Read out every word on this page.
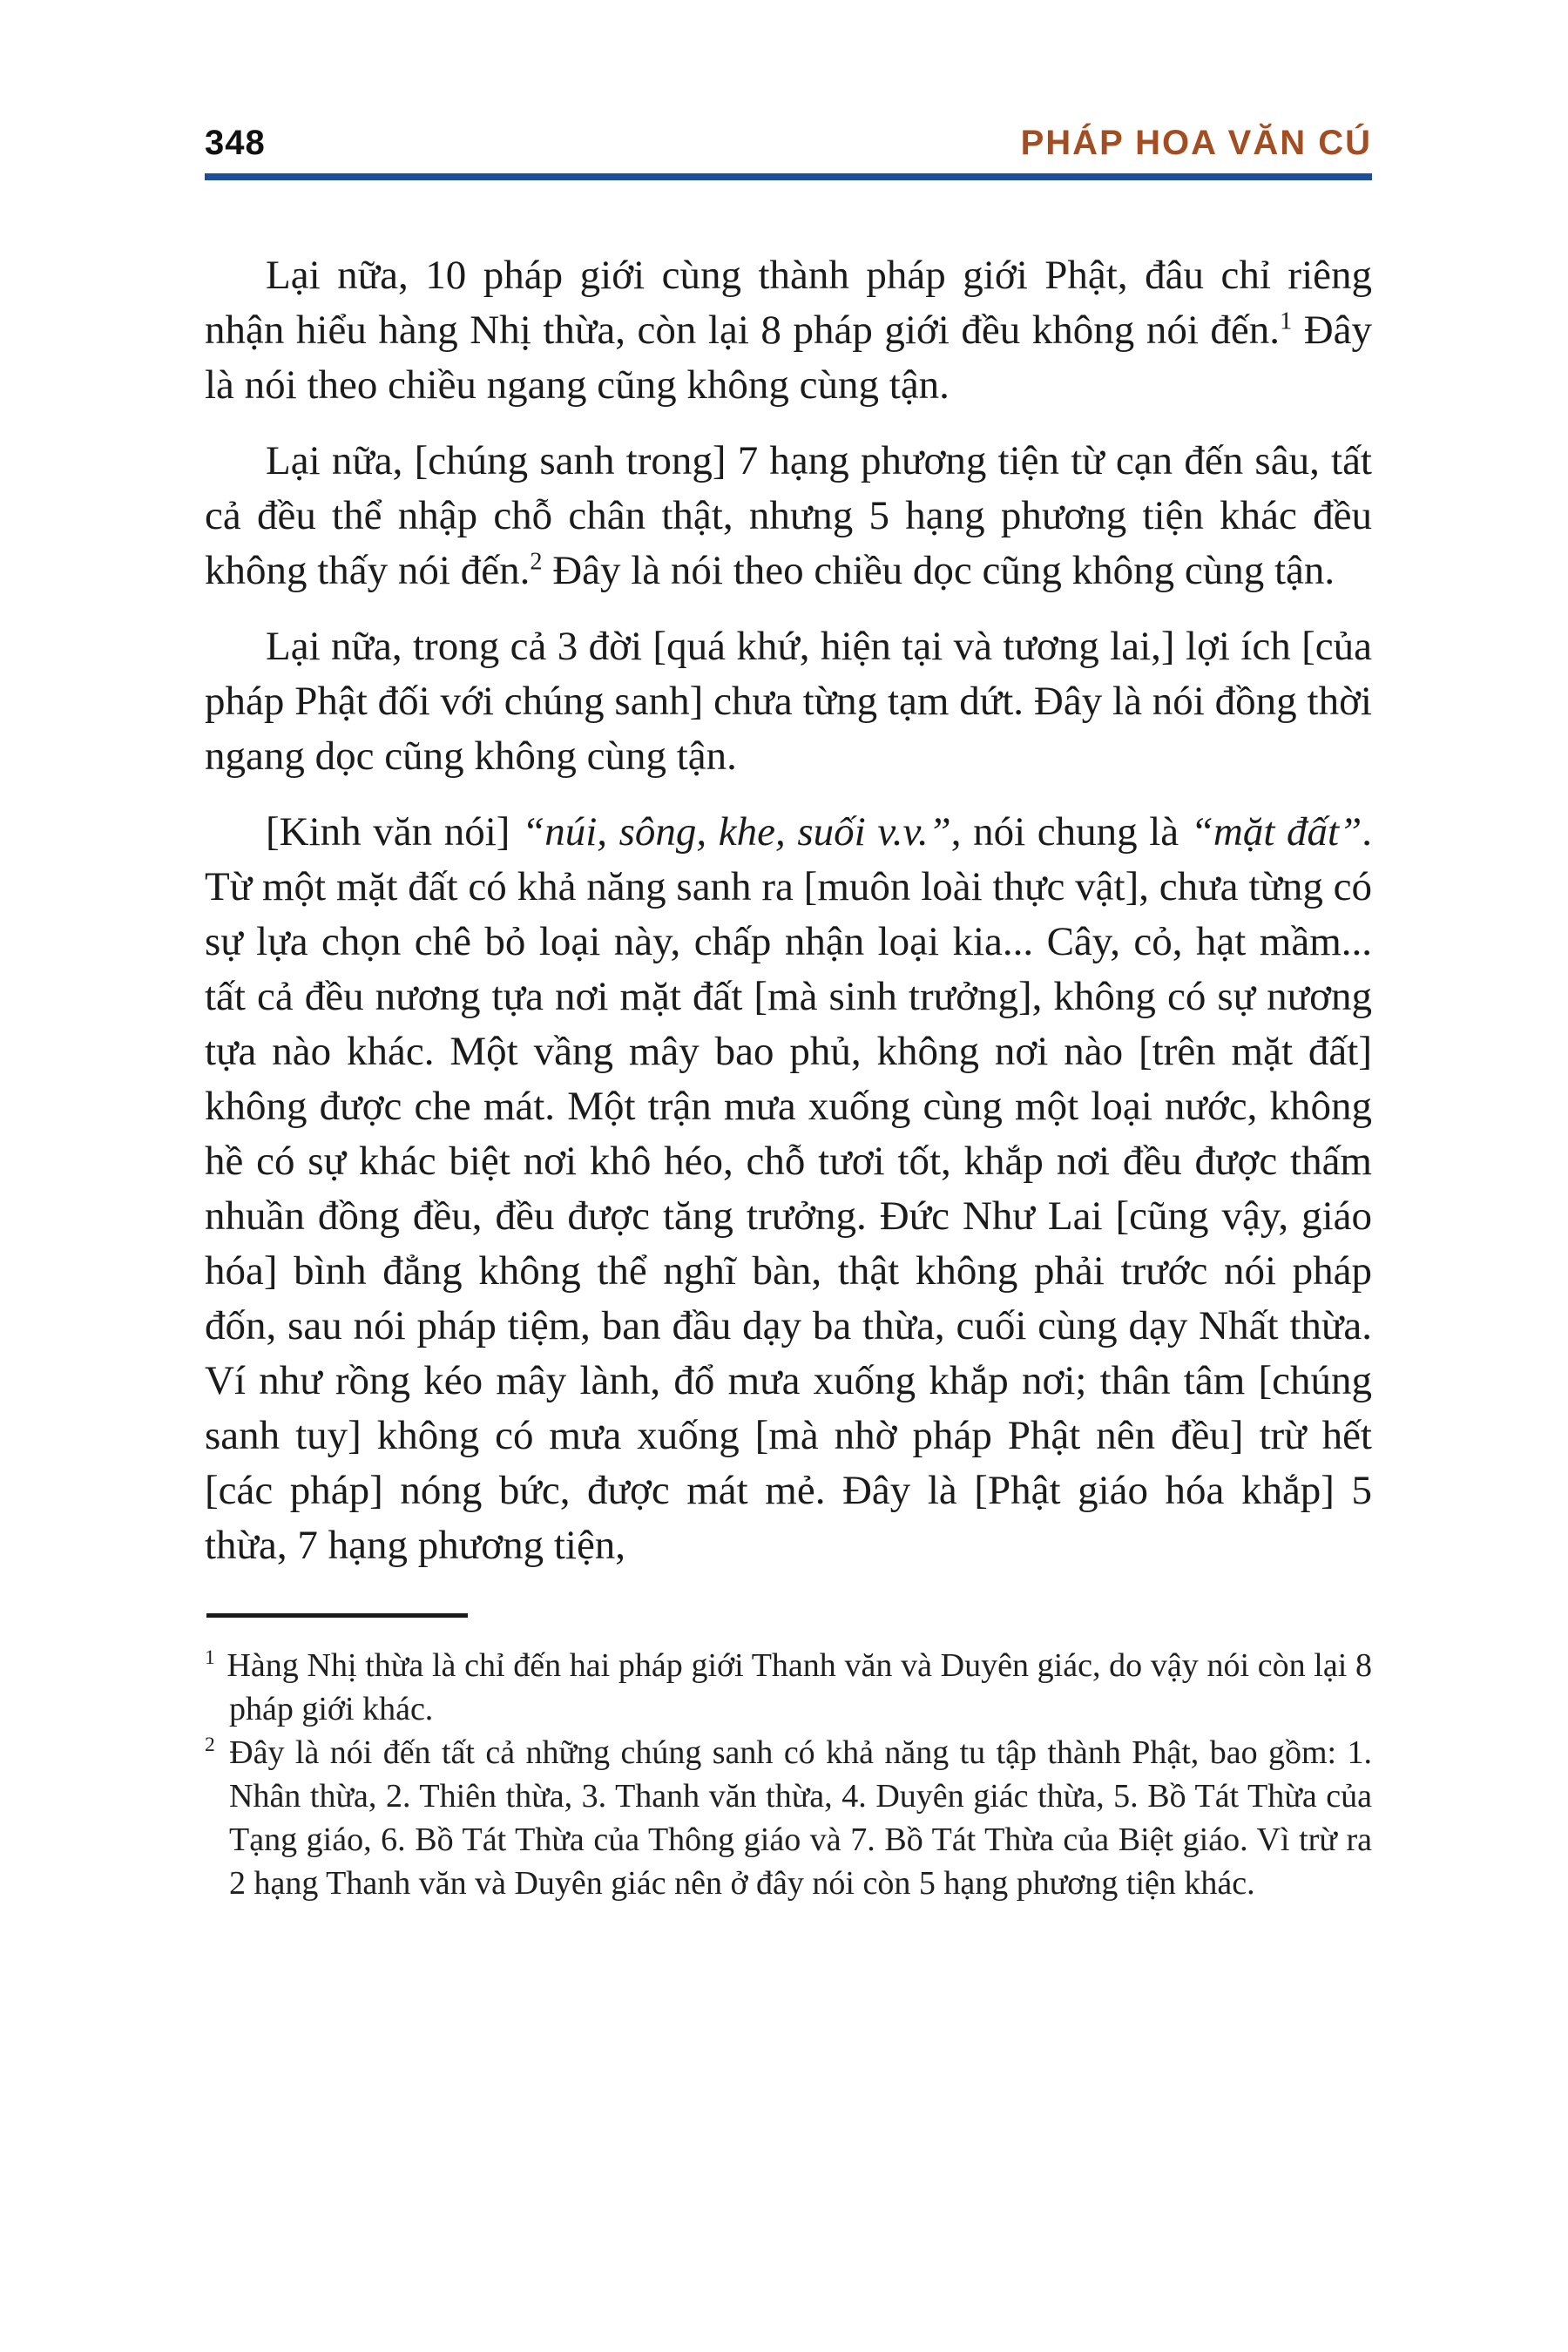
348	PHÁP HOA VĂN CÚ

Lại nữa, 10 pháp giới cùng thành pháp giới Phật, đâu chỉ riêng nhận hiểu hàng Nhị thừa, còn lại 8 pháp giới đều không nói đến.$^1$ Đây là nói theo chiều ngang cũng không cùng tận.

Lại nữa, [chúng sanh trong] 7 hạng phương tiện từ cạn đến sâu, tất cả đều thể nhập chỗ chân thật, nhưng 5 hạng phương tiện khác đều không thấy nói đến.$^2$ Đây là nói theo chiều dọc cũng không cùng tận.

Lại nữa, trong cả 3 đời [quá khứ, hiện tại và tương lai,] lợi ích [của pháp Phật đối với chúng sanh] chưa từng tạm dứt. Đây là nói đồng thời ngang dọc cũng không cùng tận.

[Kinh văn nói] “núi, sông, khe, suối v.v.”, nói chung là “mặt đất”. Từ một mặt đất có khả năng sanh ra [muôn loài thực vật], chưa từng có sự lựa chọn chê bỏ loại này, chấp nhận loại kia... Cây, cỏ, hạt mầm... tất cả đều nương tựa nơi mặt đất [mà sinh trưởng], không có sự nương tựa nào khác. Một vầng mây bao phủ, không nơi nào [trên mặt đất] không được che mát. Một trận mưa xuống cùng một loại nước, không hề có sự khác biệt nơi khô héo, chỗ tươi tốt, khắp nơi đều được thấm nhuần đồng đều, đều được tăng trưởng. Đức Như Lai [cũng vậy, giáo hóa] bình đẳng không thể nghĩ bàn, thật không phải trước nói pháp đốn, sau nói pháp tiệm, ban đầu dạy ba thừa, cuối cùng dạy Nhất thừa. Ví như rồng kéo mây lành, đổ mưa xuống khắp nơi; thân tâm [chúng sanh tuy] không có mưa xuống [mà nhờ pháp Phật nên đều] trừ hết [các pháp] nóng bức, được mát mẻ. Đây là [Phật giáo hóa khắp] 5 thừa, 7 hạng phương tiện,

$^1$ Hàng Nhị thừa là chỉ đến hai pháp giới Thanh văn và Duyên giác, do vậy nói còn lại 8 pháp giới khác.

$^2$ Đây là nói đến tất cả những chúng sanh có khả năng tu tập thành Phật, bao gồm: 1. Nhân thừa, 2. Thiên thừa, 3. Thanh văn thừa, 4. Duyên giác thừa, 5. Bồ Tát Thừa của Tạng giáo, 6. Bồ Tát Thừa của Thông giáo và 7. Bồ Tát Thừa của Biệt giáo. Vì trừ ra 2 hạng Thanh văn và Duyên giác nên ở đây nói còn 5 hạng phương tiện khác.
